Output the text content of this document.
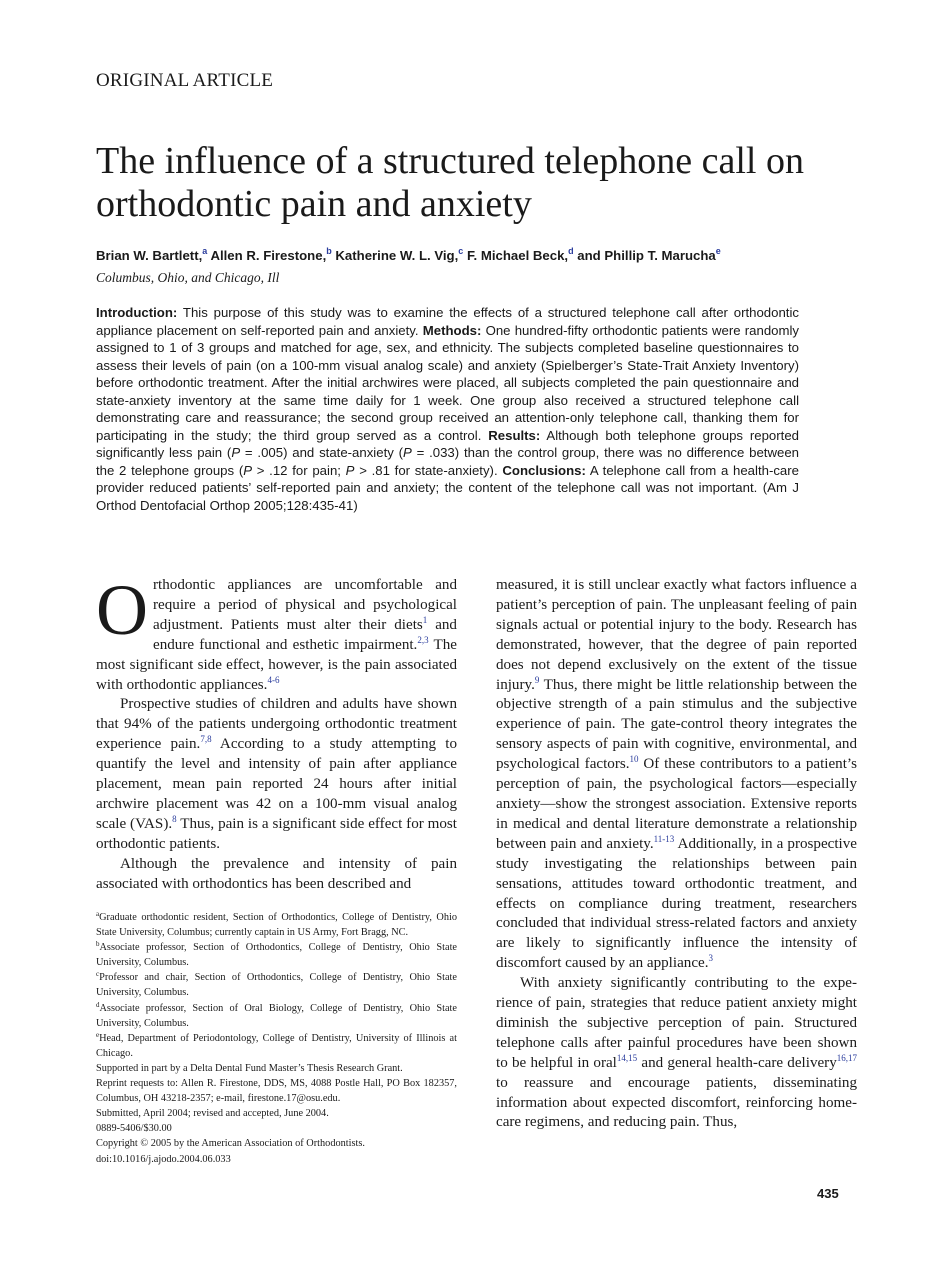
ORIGINAL ARTICLE
The influence of a structured telephone call on orthodontic pain and anxiety
Brian W. Bartlett,$^a$ Allen R. Firestone,$^b$ Katherine W. L. Vig,$^c$ F. Michael Beck,$^d$ and Phillip T. Marucha$^e$
Columbus, Ohio, and Chicago, Ill
Introduction: This purpose of this study was to examine the effects of a structured telephone call after orthodontic appliance placement on self-reported pain and anxiety. Methods: One hundred-fifty orthodontic patients were randomly assigned to 1 of 3 groups and matched for age, sex, and ethnicity. The subjects completed baseline questionnaires to assess their levels of pain (on a 100-mm visual analog scale) and anxiety (Spielberger’s State-Trait Anxiety Inventory) before orthodontic treatment. After the initial archwires were placed, all subjects completed the pain questionnaire and state-anxiety inventory at the same time daily for 1 week. One group also received a structured telephone call demonstrating care and reassurance; the second group received an attention-only telephone call, thanking them for participating in the study; the third group served as a control. Results: Although both telephone groups reported significantly less pain (P = .005) and state-anxiety (P = .033) than the control group, there was no difference between the 2 telephone groups (P > .12 for pain; P > .81 for state-anxiety). Conclusions: A telephone call from a health-care provider reduced patients’ self-reported pain and anxiety; the content of the telephone call was not important. (Am J Orthod Dentofacial Orthop 2005;128:435-41)

Orthodontic appliances are uncomfortable and require a period of physical and psychological adjustment. Patients must alter their diets$^1$ and endure functional and esthetic impairment.$^{2,3}$ The most significant side effect, however, is the pain associated with orthodontic appliances.$^{4-6}$

Prospective studies of children and adults have shown that 94% of the patients undergoing orthodontic treatment experience pain.$^{7,8}$ According to a study attempting to quantify the level and intensity of pain after appliance placement, mean pain reported 24 hours after initial archwire placement was 42 on a 100-mm visual analog scale (VAS).$^8$ Thus, pain is a significant side effect for most orthodontic patients.

Although the prevalence and intensity of pain associated with orthodontics has been described and

$^a$Graduate orthodontic resident, Section of Orthodontics, College of Dentistry, Ohio State University, Columbus; currently captain in US Army, Fort Bragg, NC.
$^b$Associate professor, Section of Orthodontics, College of Dentistry, Ohio State University, Columbus.
$^c$Professor and chair, Section of Orthodontics, College of Dentistry, Ohio State University, Columbus.
$^d$Associate professor, Section of Oral Biology, College of Dentistry, Ohio State University, Columbus.
$^e$Head, Department of Periodontology, College of Dentistry, University of Illinois at Chicago.
Supported in part by a Delta Dental Fund Master’s Thesis Research Grant.
Reprint requests to: Allen R. Firestone, DDS, MS, 4088 Postle Hall, PO Box 182357, Columbus, OH 43218-2357; e-mail, firestone.17@osu.edu.
Submitted, April 2004; revised and accepted, June 2004.
0889-5406/$30.00
Copyright © 2005 by the American Association of Orthodontists.
doi:10.1016/j.ajodo.2004.06.033

measured, it is still unclear exactly what factors influence a patient’s perception of pain. The unpleasant feeling of pain signals actual or potential injury to the body. Research has demonstrated, however, that the degree of pain reported does not depend exclusively on the extent of the tissue injury.$^9$ Thus, there might be little relationship between the objective strength of a pain stimulus and the subjective experience of pain. The gate-control theory integrates the sensory aspects of pain with cognitive, environmental, and psychological factors.$^{10}$ Of these contributors to a patient’s perception of pain, the psychological factors—especially anxiety—show the strongest association. Extensive reports in medical and dental literature demonstrate a relationship between pain and anxiety.$^{11-13}$ Additionally, in a prospective study investigating the relationships between pain sensations, attitudes toward orthodontic treatment, and effects on compliance during treatment, researchers concluded that individual stress-related factors and anxiety are likely to significantly influence the intensity of discomfort caused by an appliance.$^3$

With anxiety significantly contributing to the experience of pain, strategies that reduce patient anxiety might diminish the subjective perception of pain. Structured telephone calls after painful procedures have been shown to be helpful in oral$^{14,15}$ and general health-care delivery$^{16,17}$ to reassure and encourage patients, disseminating information about expected discomfort, reinforcing home-care regimens, and reducing pain. Thus,

435
